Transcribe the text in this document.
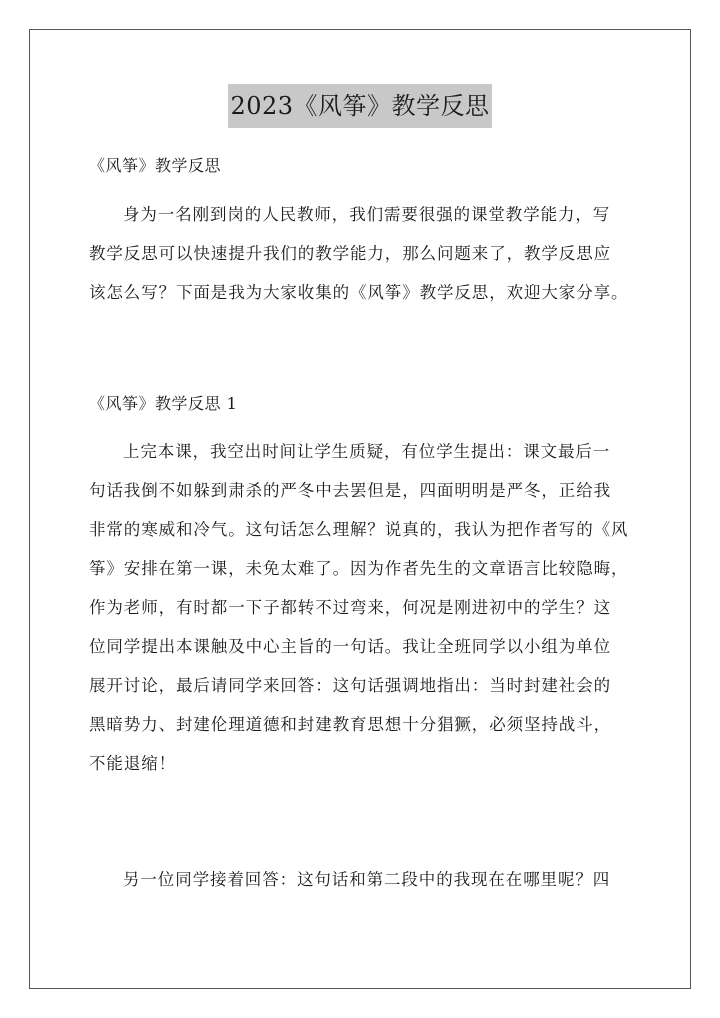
2023《风筝》教学反思
《风筝》教学反思
身为一名刚到岗的人民教师，我们需要很强的课堂教学能力，写
教学反思可以快速提升我们的教学能力，那么问题来了，教学反思应
该怎么写？下面是我为大家收集的《风筝》教学反思，欢迎大家分享。
《风筝》教学反思 1
上完本课，我空出时间让学生质疑，有位学生提出：课文最后一
句话我倒不如躲到肃杀的严冬中去罢但是，四面明明是严冬，正给我
非常的寒威和冷气。这句话怎么理解？说真的，我认为把作者写的《风
筝》安排在第一课，未免太难了。因为作者先生的文章语言比较隐晦，
作为老师，有时都一下子都转不过弯来，何况是刚进初中的学生？这
位同学提出本课触及中心主旨的一句话。我让全班同学以小组为单位
展开讨论，最后请同学来回答：这句话强调地指出：当时封建社会的
黑暗势力、封建伦理道德和封建教育思想十分猖獗，必须坚持战斗，
不能退缩！
另一位同学接着回答：这句话和第二段中的我现在在哪里呢？四
